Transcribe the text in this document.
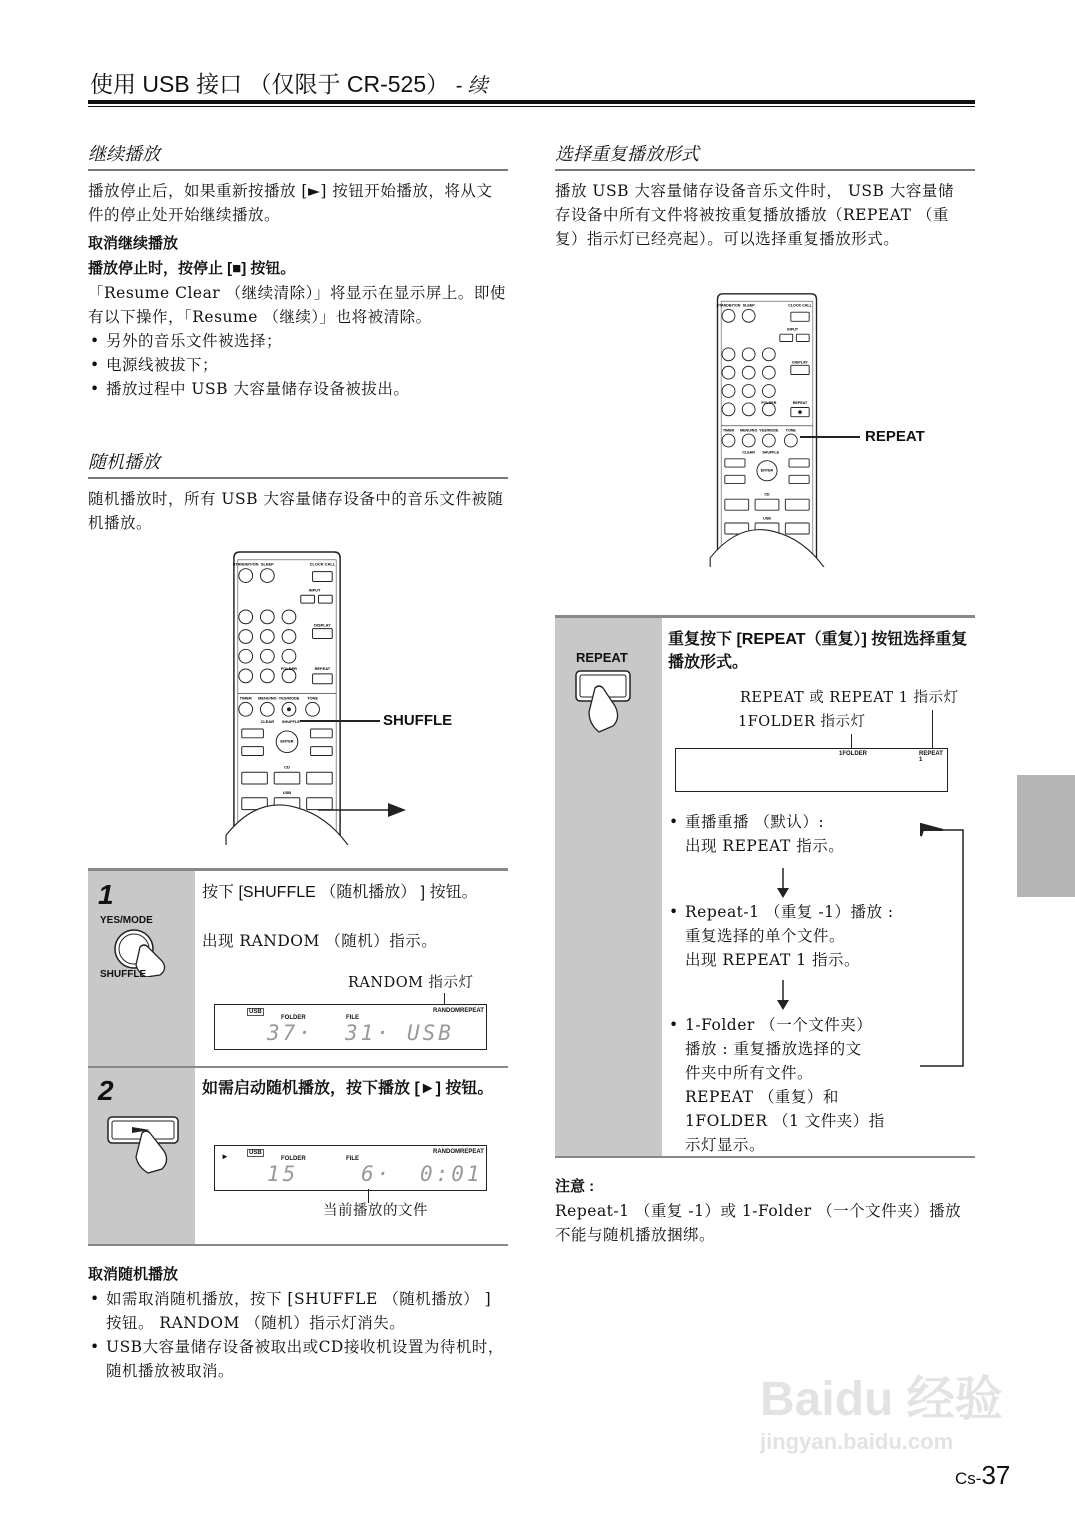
使用 USB 接口 （仅限于 CR-525） - 续
继续播放
播放停止后，如果重新按播放 [►] 按钮开始播放，将从文件的停止处开始继续播放。
取消继续播放
播放停止时，按停止 [■] 按钮。
「Resume Clear （继续清除）」将显示在显示屏上。即使有以下操作，「Resume （继续）」也将被清除。
• 另外的音乐文件被选择；
• 电源线被拔下；
• 播放过程中 USB 大容量储存设备被拔出。
随机播放
随机播放时，所有 USB 大容量储存设备中的音乐文件被随机播放。
STANDBY/ON SLEEP	CLOCK CALL
INPUT
DISPLAY
FOLDER	REPEAT
TIMER MENU/NO YES/MODE TONE
CLEAR SHUFFLE
ENTER
CD
USB
SHUFFLE
1
YES/MODE
SHUFFLE
按下 [SHUFFLE （随机播放） ] 按钮。
出现 RANDOM （随机）指示。
RANDOM 指示灯
USB
FOLDER	FILE
RANDOM REPEAT
37· 31· USB
2	如需启动随机播放，按下播放 [►] 按钮。
►	USB
FOLDER	FILE
RANDOM REPEAT
15	6· 0:01
当前播放的文件
取消随机播放
• 如需取消随机播放，按下 [SHUFFLE （随机播放） ] 按钮。 RANDOM （随机）指示灯消失。
• USB大容量储存设备被取出或CD接收机设置为待机时，随机播放被取消。
选择重复播放形式
播放 USB 大容量储存设备音乐文件时， USB 大容量储存设备中所有文件将被按重复播放播放（REPEAT （重复）指示灯已经亮起）。可以选择重复播放形式。
STANDBY/ON SLEEP	CLOCK CALL
INPUT
DISPLAY
FOLDER	REPEAT
TIMER MENU/NO YES/MODE TONE
CLEAR SHUFFLE
ENTER
CD
USB
REPEAT
REPEAT
重复按下 [REPEAT（重复）] 按钮选择重复播放形式。
REPEAT 或 REPEAT 1 指示灯
1FOLDER 指示灯
1FOLDER	REPEAT 1
• 重播重播 （默认）:
出现 REPEAT 指示。
• Repeat-1 （重复 -1）播放 :
重复选择的单个文件。
出现 REPEAT 1 指示。
• 1-Folder （一个文件夹）
播放 : 重复播放选择的文
件夹中所有文件。
REPEAT （重复）和
1FOLDER （1 文件夹）指
示灯显示。
注意 :
Repeat-1 （重复 -1）或 1-Folder （一个文件夹）播放不能与随机播放捆绑。
Baidu 经验
jingyan.baidu.com
Cs-37
